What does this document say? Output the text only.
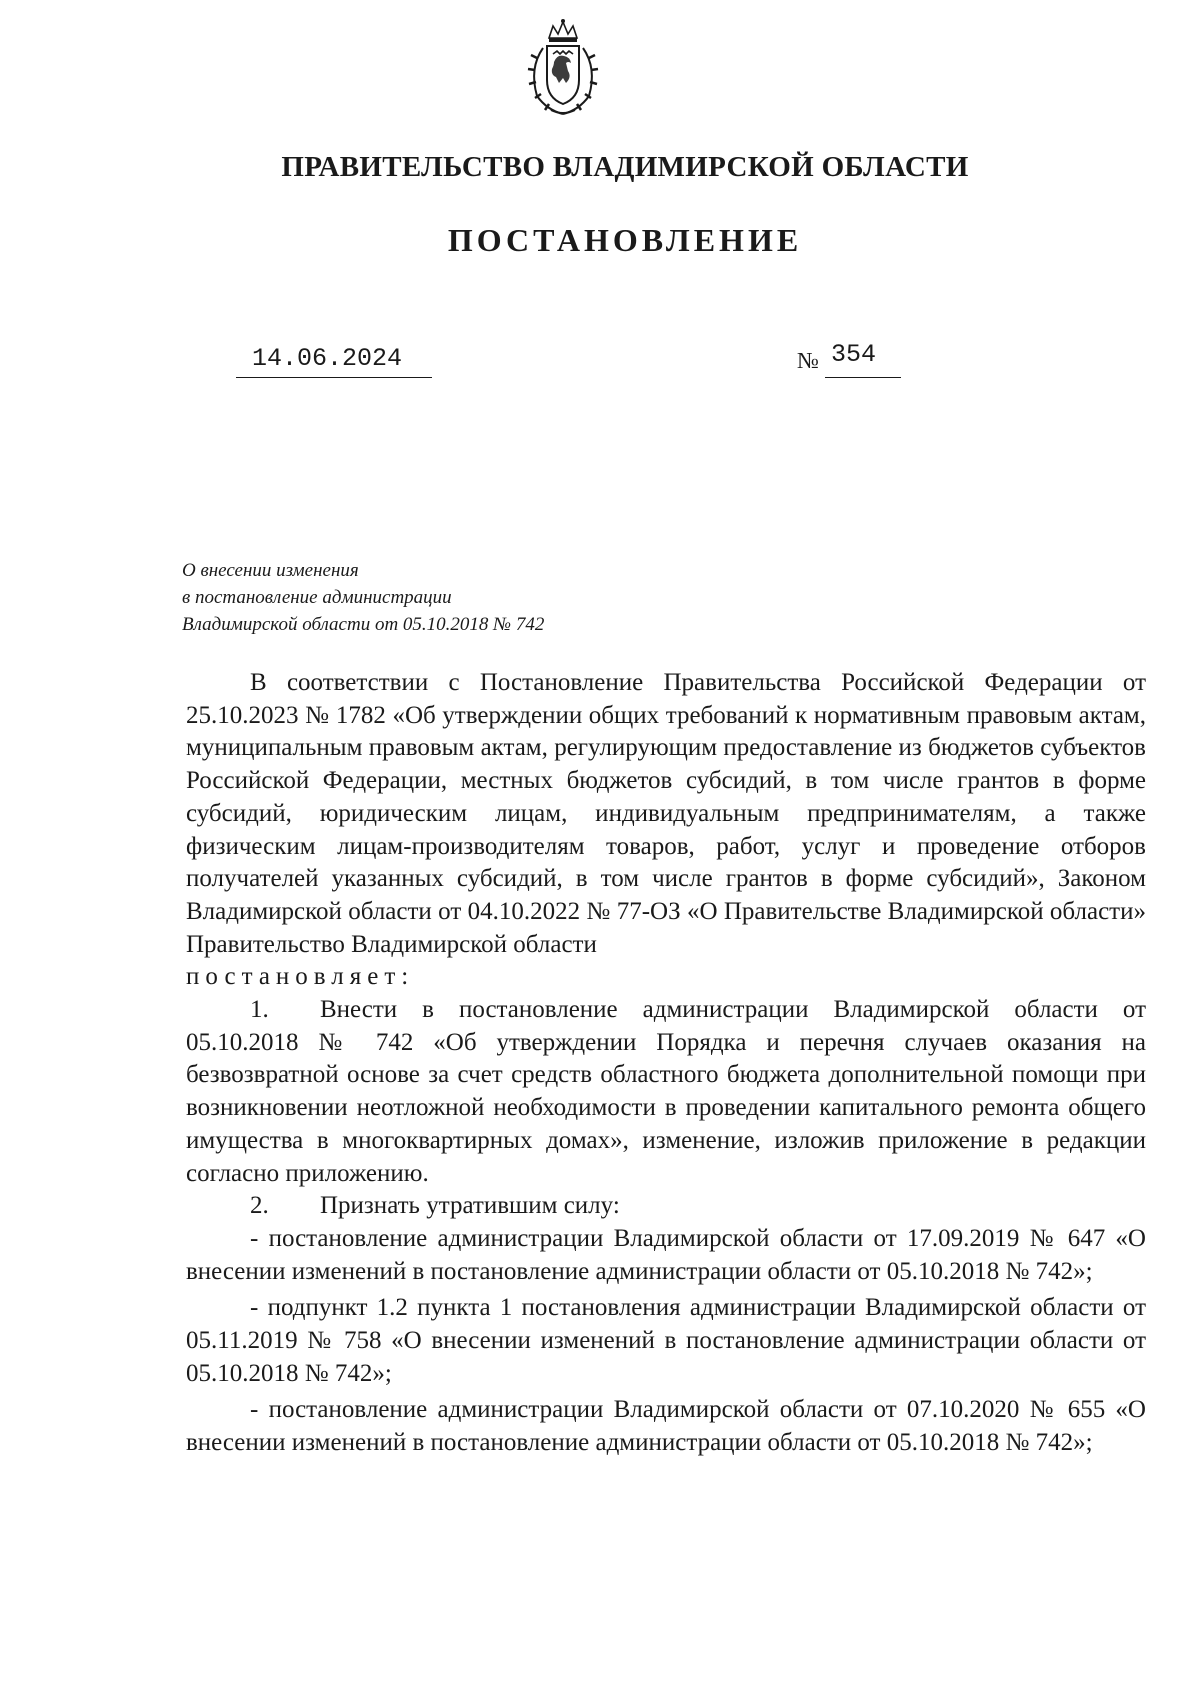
ПРАВИТЕЛЬСТВО ВЛАДИМИРСКОЙ ОБЛАСТИ
ПОСТАНОВЛЕНИЕ
14.06.2024	№ 354
О внесении изменения
в постановление администрации
Владимирской области от 05.10.2018 № 742

В соответствии с Постановление Правительства Российской Федерации от 25.10.2023 № 1782 «Об утверждении общих требований к нормативным правовым актам, муниципальным правовым актам, регулирующим предоставление из бюджетов субъектов Российской Федерации, местных бюджетов субсидий, в том числе грантов в форме субсидий, юридическим лицам, индивидуальным предпринимателям, а также физическим лицам-производителям товаров, работ, услуг и проведение отборов получателей указанных субсидий, в том числе грантов в форме субсидий», Законом Владимирской области от 04.10.2022 № 77-ОЗ «О Правительстве Владимирской области» Правительство Владимирской области

постановляет:

1. Внести в постановление администрации Владимирской области от 05.10.2018 № 742 «Об утверждении Порядка и перечня случаев оказания на безвозвратной основе за счет средств областного бюджета дополнительной помощи при возникновении неотложной необходимости в проведении капитального ремонта общего имущества в многоквартирных домах», изменение, изложив приложение в редакции согласно приложению.

2. Признать утратившим силу:

- постановление администрации Владимирской области от 17.09.2019 № 647 «О внесении изменений в постановление администрации области от 05.10.2018 № 742»;

- подпункт 1.2 пункта 1 постановления администрации Владимирской области от 05.11.2019 № 758 «О внесении изменений в постановление администрации области от 05.10.2018 № 742»;

- постановление администрации Владимирской области от 07.10.2020 № 655 «О внесении изменений в постановление администрации области от 05.10.2018 № 742»;
